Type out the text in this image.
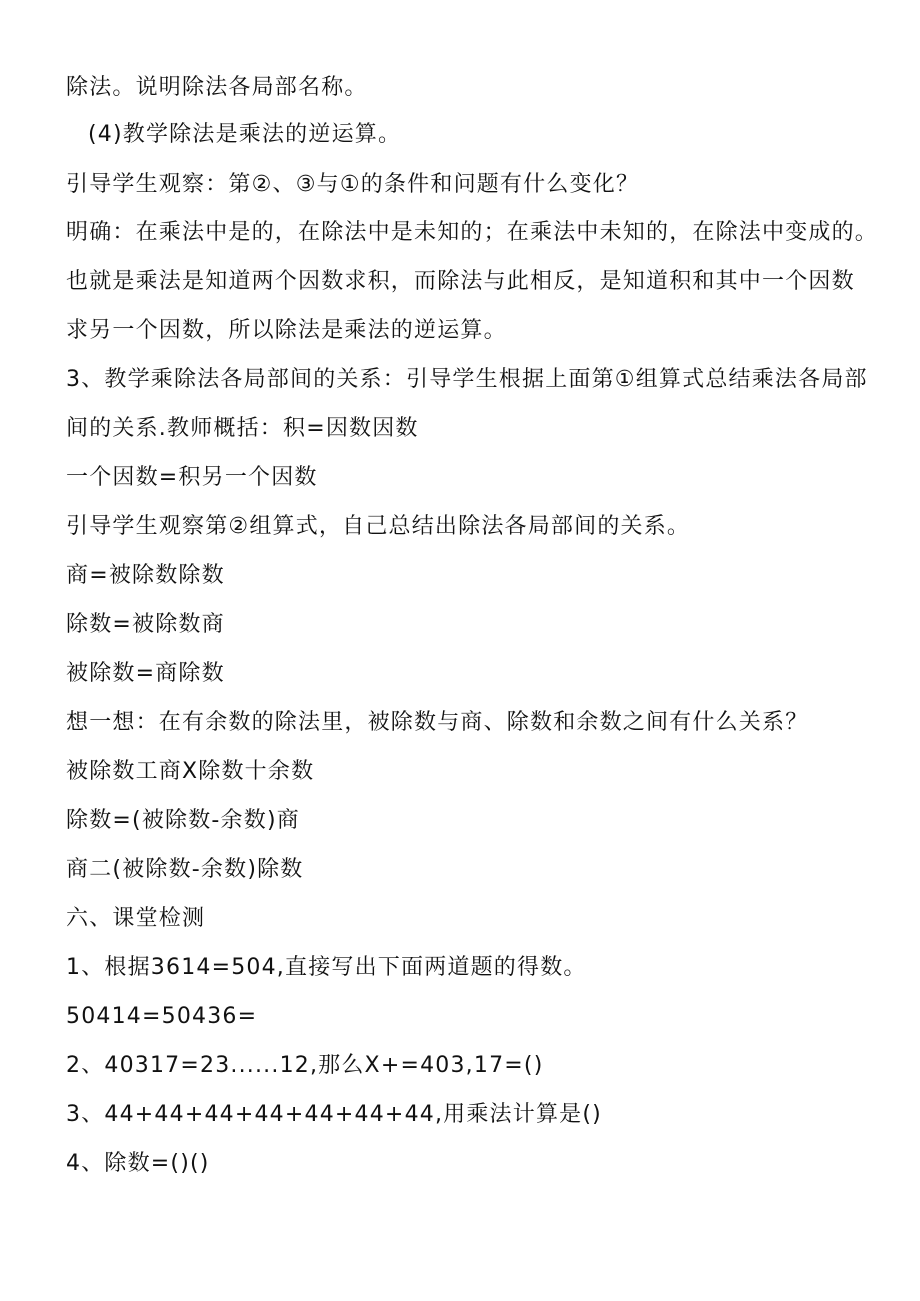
除法。说明除法各局部名称。
(4)教学除法是乘法的逆运算。
引导学生观察：第②、③与①的条件和问题有什么变化？
明确：在乘法中是的，在除法中是未知的；在乘法中未知的，在除法中变成的。
也就是乘法是知道两个因数求积，而除法与此相反，是知道积和其中一个因数
求另一个因数，所以除法是乘法的逆运算。
3、教学乘除法各局部间的关系：引导学生根据上面第①组算式总结乘法各局部
间的关系.教师概括：积=因数因数
一个因数=积另一个因数
引导学生观察第②组算式，自己总结出除法各局部间的关系。
商=被除数除数
除数=被除数商
被除数=商除数
想一想：在有余数的除法里，被除数与商、除数和余数之间有什么关系？
被除数工商X除数十余数
除数=(被除数-余数)商
商二(被除数-余数)除数
六、课堂检测
1、根据3614=504,直接写出下面两道题的得数。
50414=50436=
2、40317=23......12,那么X+=403,17=()
3、44+44+44+44+44+44+44,用乘法计算是()
4、除数=()()
